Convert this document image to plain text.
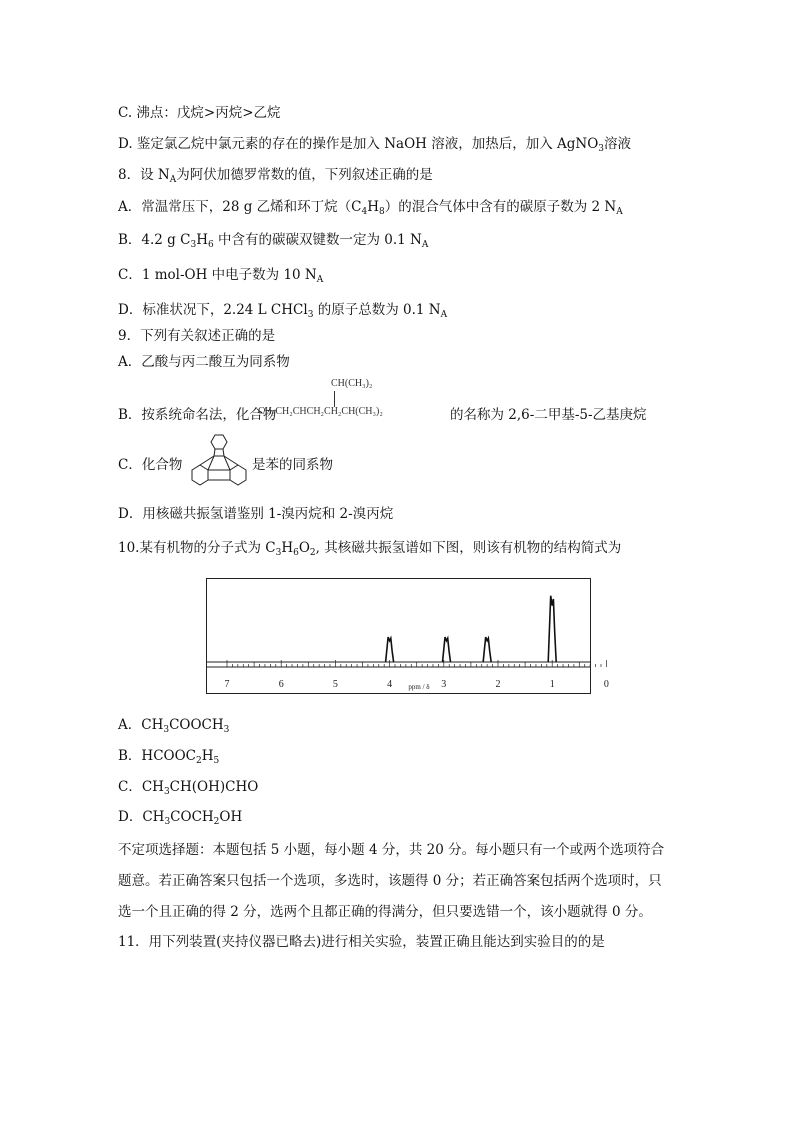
C. 沸点：戊烷>丙烷>乙烷
D. 鉴定氯乙烷中氯元素的存在的操作是加入 NaOH 溶液，加热后，加入 AgNO$_3$溶液
8．设 $N_A$为阿伏加德罗常数的值，下列叙述正确的是
A．常温常压下，28 g 乙烯和环丁烷$(C_4H_8)$的混合气体中含有的碳原子数为 2 $N_A$
B．4.2 g $C_3H_6$ 中含有的碳碳双键数一定为 0.1 $N_A$
C．1 mol-OH 中电子数为 10 $N_A$
D．标准状况下，2.24 L CHCl$_3$ 的原子总数为 0.1 $N_A$
9．下列有关叙述正确的是
A．乙酸与丙二酸互为同系物
B．按系统命名法，化合物
CH(CH₃)₂
CH₃CH₂CHCH₂CH₂CH(CH₃)₂	的名称为 2,6-二甲基-5-乙基庚烷
C．化合物	是苯的同系物
D．用核磁共振氢谱鉴别 1-溴丙烷和 2-溴丙烷
10.某有机物的分子式为 $C_3H_6O_2$, 其核磁共振氢谱如下图，则该有机物的结构简式为
7	6	5	4	3	2	1	0
ppm / δ
A．$CH_3COOCH_3$
B．$HCOOC_2H_5$
C．$CH_3CH(OH)CHO$
D．$CH_3COCH_2OH$
不定项选择题：本题包括 5 小题，每小题 4 分，共 20 分。每小题只有一个或两个选项符合
题意。若正确答案只包括一个选项，多选时，该题得 0 分；若正确答案包括两个选项时，只
选一个且正确的得 2 分，选两个且都正确的得满分，但只要选错一个，该小题就得 0 分。
11．用下列装置(夹持仪器已略去)进行相关实验，装置正确且能达到实验目的的是
